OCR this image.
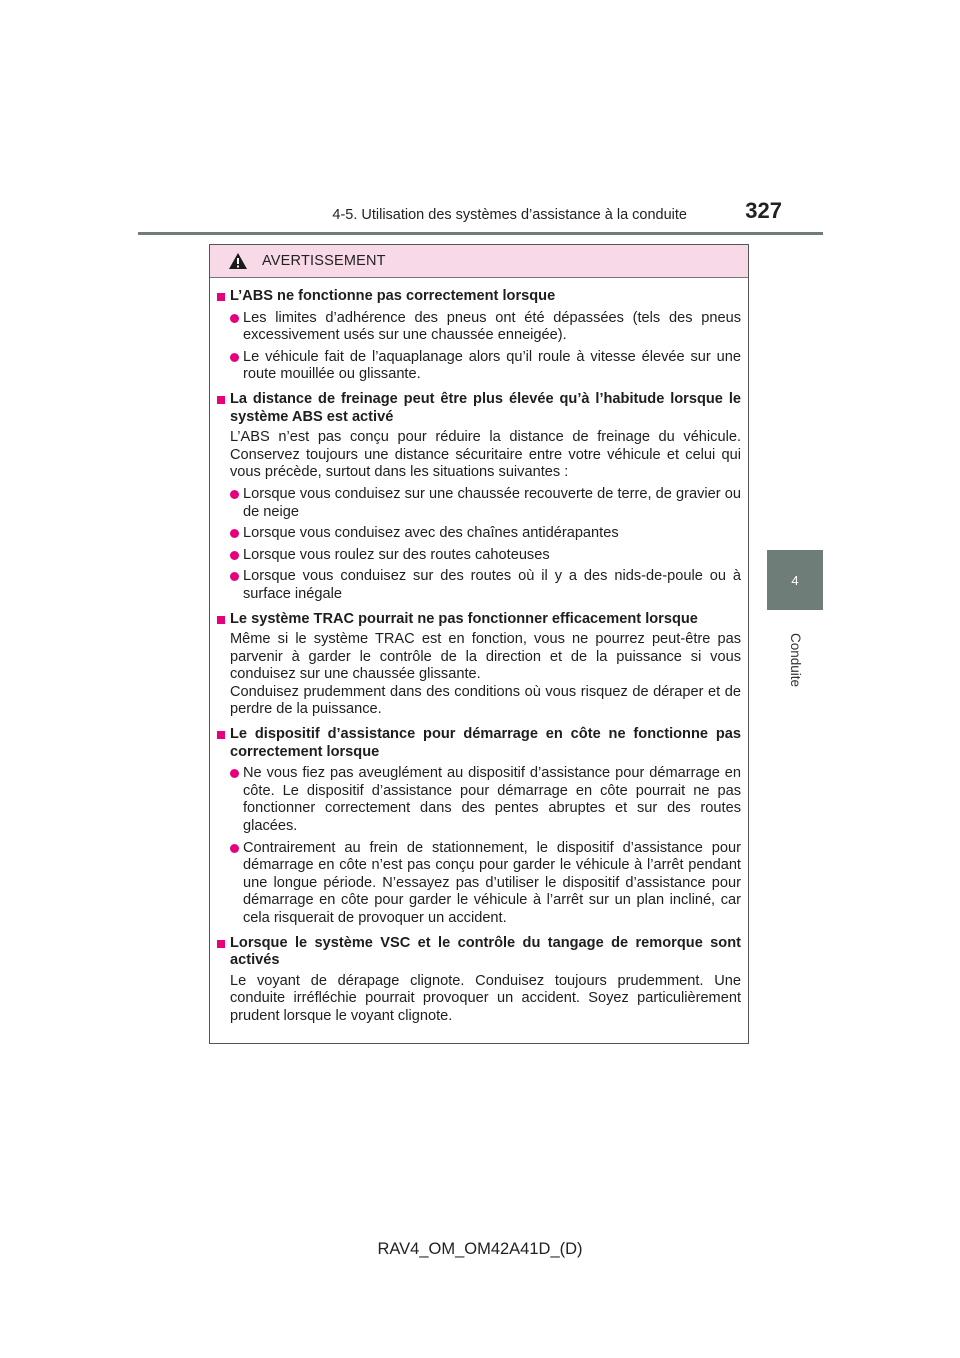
4-5. Utilisation des systèmes d’assistance à la conduite	327
4
Conduite
AVERTISSEMENT
L’ABS ne fonctionne pas correctement lorsque
Les limites d’adhérence des pneus ont été dépassées (tels des pneus excessivement usés sur une chaussée enneigée).
Le véhicule fait de l’aquaplanage alors qu’il roule à vitesse élevée sur une route mouillée ou glissante.
La distance de freinage peut être plus élevée qu’à l’habitude lorsque le système ABS est activé
L’ABS n’est pas conçu pour réduire la distance de freinage du véhicule. Conservez toujours une distance sécuritaire entre votre véhicule et celui qui vous précède, surtout dans les situations suivantes :
Lorsque vous conduisez sur une chaussée recouverte de terre, de gravier ou de neige
Lorsque vous conduisez avec des chaînes antidérapantes
Lorsque vous roulez sur des routes cahoteuses
Lorsque vous conduisez sur des routes où il y a des nids-de-poule ou à surface inégale
Le système TRAC pourrait ne pas fonctionner efficacement lorsque
Même si le système TRAC est en fonction, vous ne pourrez peut-être pas parvenir à garder le contrôle de la direction et de la puissance si vous conduisez sur une chaussée glissante.
Conduisez prudemment dans des conditions où vous risquez de déraper et de perdre de la puissance.
Le dispositif d’assistance pour démarrage en côte ne fonctionne pas correctement lorsque
Ne vous fiez pas aveuglément au dispositif d’assistance pour démarrage en côte. Le dispositif d’assistance pour démarrage en côte pourrait ne pas fonctionner correctement dans des pentes abruptes et sur des routes glacées.
Contrairement au frein de stationnement, le dispositif d’assistance pour démarrage en côte n’est pas conçu pour garder le véhicule à l’arrêt pendant une longue période. N’essayez pas d’utiliser le dispositif d’assistance pour démarrage en côte pour garder le véhicule à l’arrêt sur un plan incliné, car cela risquerait de provoquer un accident.
Lorsque le système VSC et le contrôle du tangage de remorque sont activés
Le voyant de dérapage clignote. Conduisez toujours prudemment. Une conduite irréfléchie pourrait provoquer un accident. Soyez particulièrement prudent lorsque le voyant clignote.
RAV4_OM_OM42A41D_(D)
